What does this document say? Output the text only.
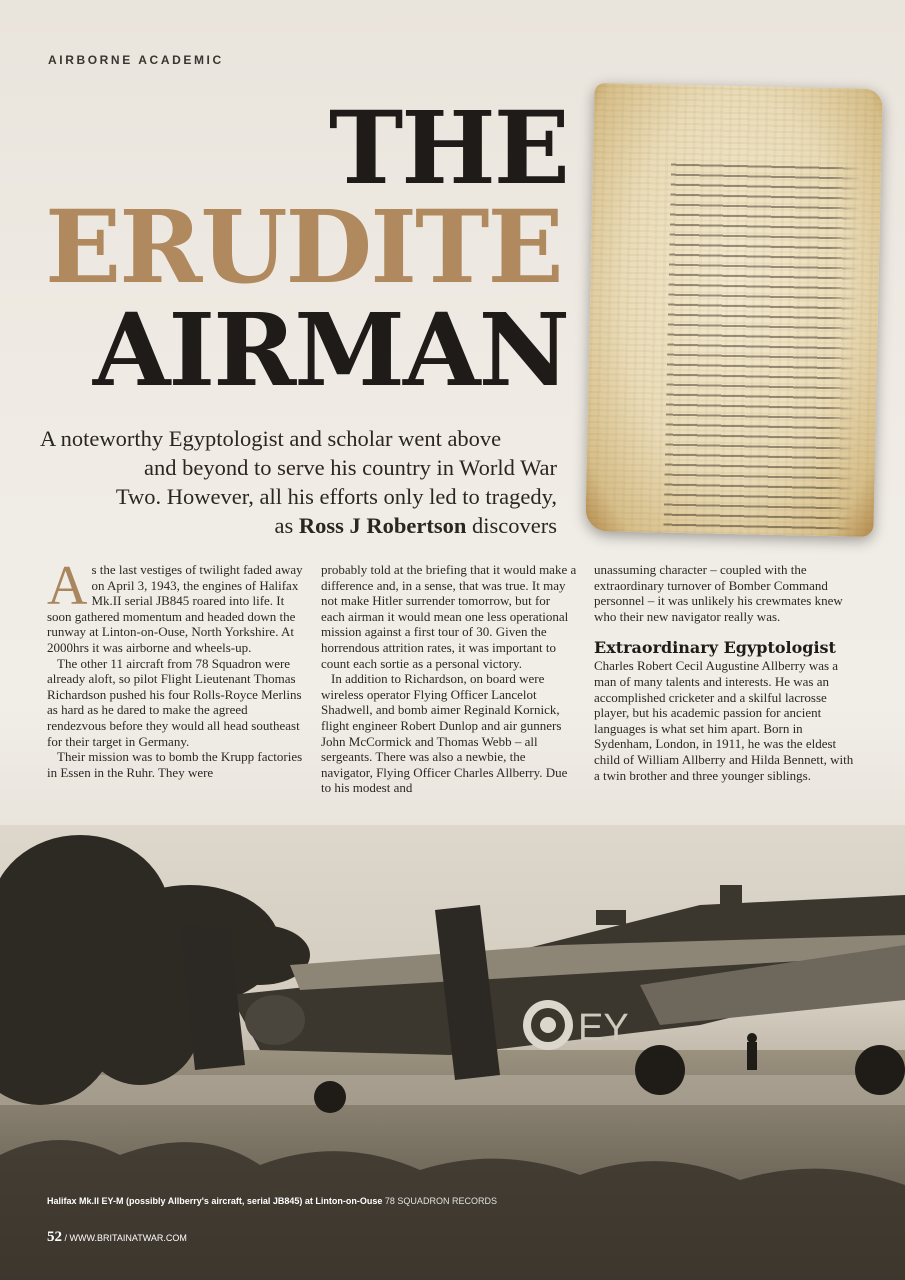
AIRBORNE ACADEMIC
THE
ERUDITE
AIRMAN
A noteworthy Egyptologist and scholar went above
and beyond to serve his country in World War
Two. However, all his efforts only led to tragedy,
as Ross J Robertson discovers

As the last vestiges of twilight faded away on April 3, 1943, the engines of Halifax Mk.II serial JB845 roared into life. It soon gathered momentum and headed down the runway at Linton-on-Ouse, North Yorkshire. At 2000hrs it was airborne and wheels-up.

The other 11 aircraft from 78 Squadron were already aloft, so pilot Flight Lieutenant Thomas Richardson pushed his four Rolls-Royce Merlins as hard as he dared to make the agreed rendezvous before they would all head southeast for their target in Germany.

Their mission was to bomb the Krupp factories in Essen in the Ruhr. They were

probably told at the briefing that it would make a difference and, in a sense, that was true. It may not make Hitler surrender tomorrow, but for each airman it would mean one less operational mission against a first tour of 30. Given the horrendous attrition rates, it was important to count each sortie as a personal victory.

In addition to Richardson, on board were wireless operator Flying Officer Lancelot Shadwell, and bomb aimer Reginald Kornick, flight engineer Robert Dunlop and air gunners John McCormick and Thomas Webb – all sergeants. There was also a newbie, the navigator, Flying Officer Charles Allberry. Due to his modest and

unassuming character – coupled with the extraordinary turnover of Bomber Command personnel – it was unlikely his crewmates knew who their new navigator really was.

Extraordinary Egyptologist

Charles Robert Cecil Augustine Allberry was a man of many talents and interests. He was an accomplished cricketer and a skilful lacrosse player, but his academic passion for ancient languages is what set him apart. Born in Sydenham, London, in 1911, he was the eldest child of William Allberry and Hilda Bennett, with a twin brother and three younger siblings.

EY
Halifax Mk.II EY-M (possibly Allberry's aircraft, serial JB845) at Linton-on-Ouse 78 SQUADRON RECORDS
52 / WWW.BRITAINATWAR.COM
